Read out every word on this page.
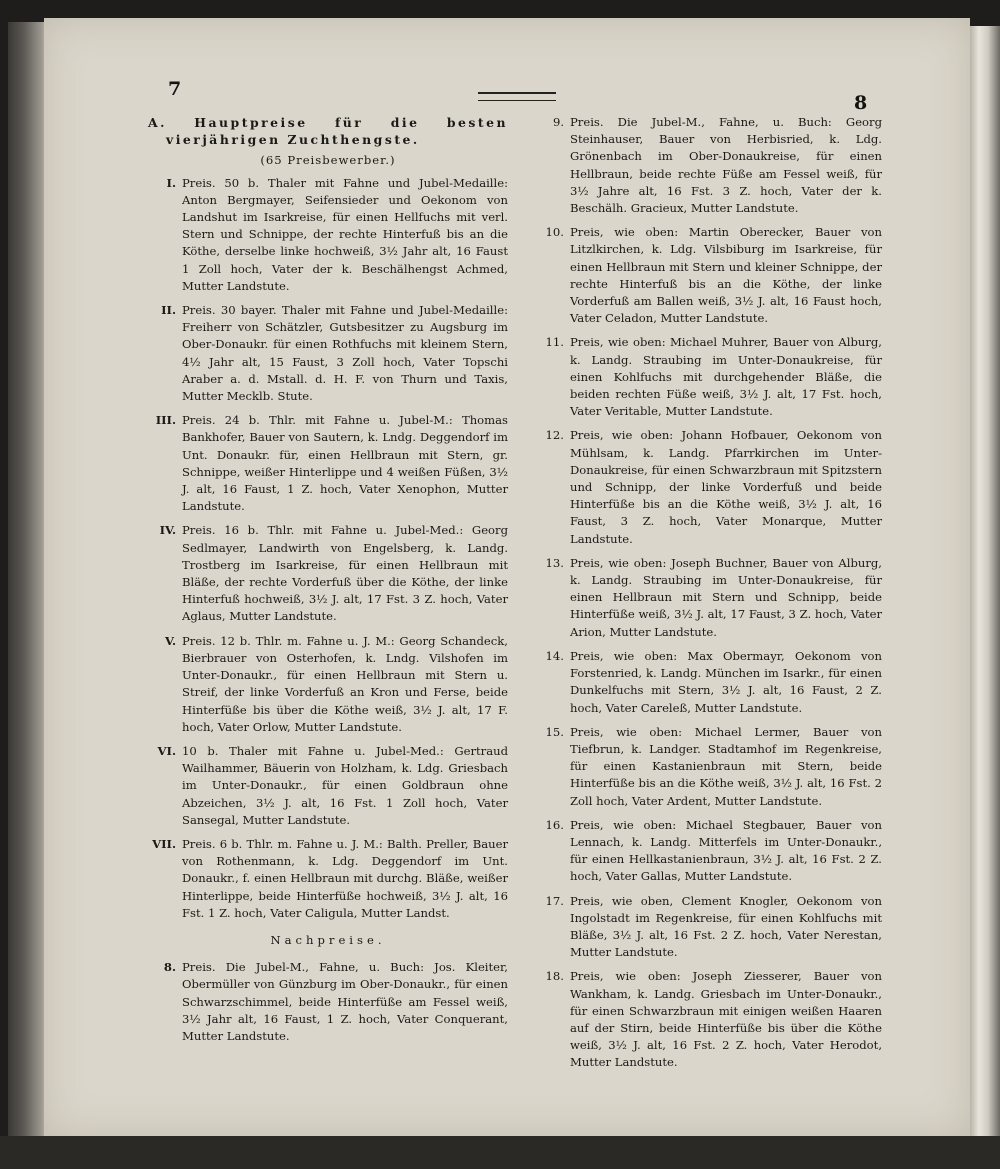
7
8
A. Hauptpreise für die besten vierjährigen Zuchthengste.
(65 Preisbewerber.)
I. Preis. 50 b. Thaler mit Fahne und Jubel-Medaille: Anton Bergmayer, Seifensieder und Oekonom von Landshut im Isarkreise, für einen Hellfuchs mit verl. Stern und Schnippe, der rechte Hinterfuß bis an die Köthe, derselbe linke hochweiß, 3½ Jahr alt, 16 Faust 1 Zoll hoch, Vater der k. Beschälhengst Achmed, Mutter Landstute.
II. Preis. 30 bayer. Thaler mit Fahne und Jubel-Medaille: Freiherr von Schätzler, Gutsbesitzer zu Augsburg im Ober-Donaukr. für einen Rothfuchs mit kleinem Stern, 4½ Jahr alt, 15 Faust, 3 Zoll hoch, Vater Topschi Araber a. d. Mstall. d. H. F. von Thurn und Taxis, Mutter Mecklb. Stute.
III. Preis. 24 b. Thlr. mit Fahne u. Jubel-M.: Thomas Bankhofer, Bauer von Sautern, k. Lndg. Deggendorf im Unt. Donaukr. für, einen Hellbraun mit Stern, gr. Schnippe, weißer Hinterlippe und 4 weißen Füßen, 3½ J. alt, 16 Faust, 1 Z. hoch, Vater Xenophon, Mutter Landstute.
IV. Preis. 16 b. Thlr. mit Fahne u. Jubel-Med.: Georg Sedlmayer, Landwirth von Engelsberg, k. Landg. Trostberg im Isarkreise, für einen Hellbraun mit Bläße, der rechte Vorderfuß über die Köthe, der linke Hinterfuß hochweiß, 3½ J. alt, 17 Fst. 3 Z. hoch, Vater Aglaus, Mutter Landstute.
V. Preis. 12 b. Thlr. m. Fahne u. J. M.: Georg Schandeck, Bierbrauer von Osterhofen, k. Lndg. Vilshofen im Unter-Donaukr., für einen Hellbraun mit Stern u. Streif, der linke Vorderfuß an Kron und Ferse, beide Hinterfüße bis über die Köthe weiß, 3½ J. alt, 17 F. hoch, Vater Orlow, Mutter Landstute.
VI. 10 b. Thaler mit Fahne u. Jubel-Med.: Gertraud Wailhammer, Bäuerin von Holzham, k. Ldg. Griesbach im Unter-Donaukr., für einen Goldbraun ohne Abzeichen, 3½ J. alt, 16 Fst. 1 Zoll hoch, Vater Sansegal, Mutter Landstute.
VII. Preis. 6 b. Thlr. m. Fahne u. J. M.: Balth. Preller, Bauer von Rothenmann, k. Ldg. Deggendorf im Unt. Donaukr., f. einen Hellbraun mit durchg. Bläße, weißer Hinterlippe, beide Hinterfüße hochweiß, 3½ J. alt, 16 Fst. 1 Z. hoch, Vater Caligula, Mutter Landst.
Nachpreise.
8. Preis. Die Jubel-M., Fahne, u. Buch: Jos. Kleiter, Obermüller von Günzburg im Ober-Donaukr., für einen Schwarzschimmel, beide Hinterfüße am Fessel weiß, 3½ Jahr alt, 16 Faust, 1 Z. hoch, Vater Conquerant, Mutter Landstute.
9. Preis. Die Jubel-M., Fahne, u. Buch: Georg Steinhauser, Bauer von Herbisried, k. Ldg. Grönenbach im Ober-Donaukreise, für einen Hellbraun, beide rechte Füße am Fessel weiß, für 3½ Jahre alt, 16 Fst. 3 Z. hoch, Vater der k. Beschälh. Gracieux, Mutter Landstute.
10. Preis, wie oben: Martin Oberecker, Bauer von Litzlkirchen, k. Ldg. Vilsbiburg im Isarkreise, für einen Hellbraun mit Stern und kleiner Schnippe, der rechte Hinterfuß bis an die Köthe, der linke Vorderfuß am Ballen weiß, 3½ J. alt, 16 Faust hoch, Vater Celadon, Mutter Landstute.
11. Preis, wie oben: Michael Muhrer, Bauer von Alburg, k. Landg. Straubing im Unter-Donaukreise, für einen Kohlfuchs mit durchgehender Bläße, die beiden rechten Füße weiß, 3½ J. alt, 17 Fst. hoch, Vater Veritable, Mutter Landstute.
12. Preis, wie oben: Johann Hofbauer, Oekonom von Mühlsam, k. Landg. Pfarrkirchen im Unter-Donaukreise, für einen Schwarzbraun mit Spitzstern und Schnipp, der linke Vorderfuß und beide Hinterfüße bis an die Köthe weiß, 3½ J. alt, 16 Faust, 3 Z. hoch, Vater Monarque, Mutter Landstute.
13. Preis, wie oben: Joseph Buchner, Bauer von Alburg, k. Landg. Straubing im Unter-Donaukreise, für einen Hellbraun mit Stern und Schnipp, beide Hinterfüße weiß, 3½ J. alt, 17 Faust, 3 Z. hoch, Vater Arion, Mutter Landstute.
14. Preis, wie oben: Max Obermayr, Oekonom von Forstenried, k. Landg. München im Isarkr., für einen Dunkelfuchs mit Stern, 3½ J. alt, 16 Faust, 2 Z. hoch, Vater Careleß, Mutter Landstute.
15. Preis, wie oben: Michael Lermer, Bauer von Tiefbrun, k. Landger. Stadtamhof im Regenkreise, für einen Kastanienbraun mit Stern, beide Hinterfüße bis an die Köthe weiß, 3½ J. alt, 16 Fst. 2 Zoll hoch, Vater Ardent, Mutter Landstute.
16. Preis, wie oben: Michael Stegbauer, Bauer von Lennach, k. Landg. Mitterfels im Unter-Donaukr., für einen Hellkastanienbraun, 3½ J. alt, 16 Fst. 2 Z. hoch, Vater Gallas, Mutter Landstute.
17. Preis, wie oben, Clement Knogler, Oekonom von Ingolstadt im Regenkreise, für einen Kohlfuchs mit Bläße, 3½ J. alt, 16 Fst. 2 Z. hoch, Vater Nerestan, Mutter Landstute.
18. Preis, wie oben: Joseph Ziesserer, Bauer von Wankham, k. Landg. Griesbach im Unter-Donaukr., für einen Schwarzbraun mit einigen weißen Haaren auf der Stirn, beide Hinterfüße bis über die Köthe weiß, 3½ J. alt, 16 Fst. 2 Z. hoch, Vater Herodot, Mutter Landstute.
